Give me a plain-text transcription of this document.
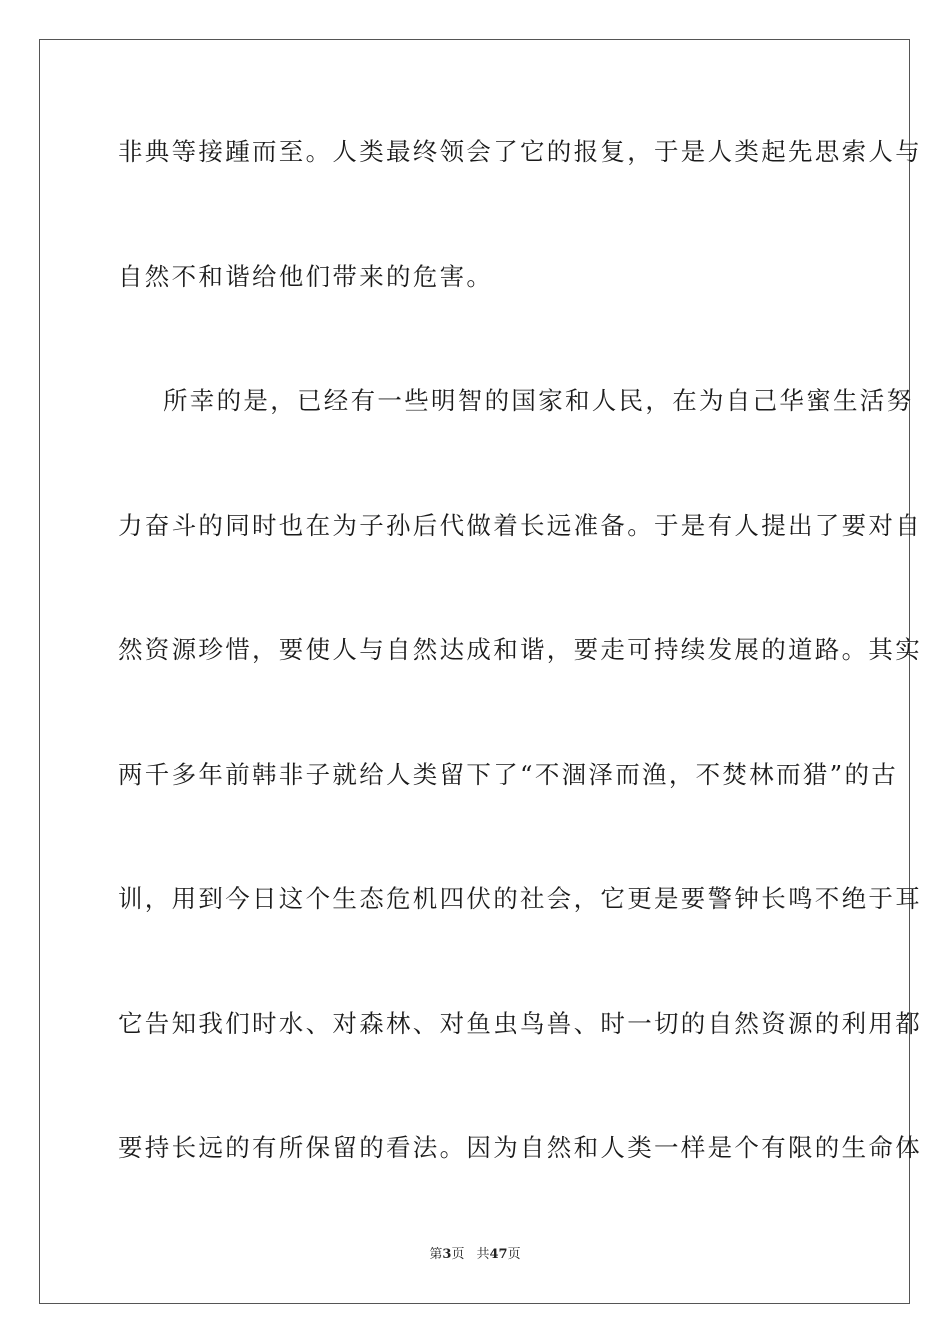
非典等接踵而至。人类最终领会了它的报复，于是人类起先思索人与
自然不和谐给他们带来的危害。
所幸的是，已经有一些明智的国家和人民，在为自己华蜜生活努
力奋斗的同时也在为子孙后代做着长远准备。于是有人提出了要对自
然资源珍惜，要使人与自然达成和谐，要走可持续发展的道路。其实
两千多年前韩非子就给人类留下了“不涸泽而渔，不焚林而猎”的古
训，用到今日这个生态危机四伏的社会，它更是要警钟长鸣不绝于耳
它告知我们时水、对森林、对鱼虫鸟兽、时一切的自然资源的利用都
要持长远的有所保留的看法。因为自然和人类一样是个有限的生命体
第3页 共47页
